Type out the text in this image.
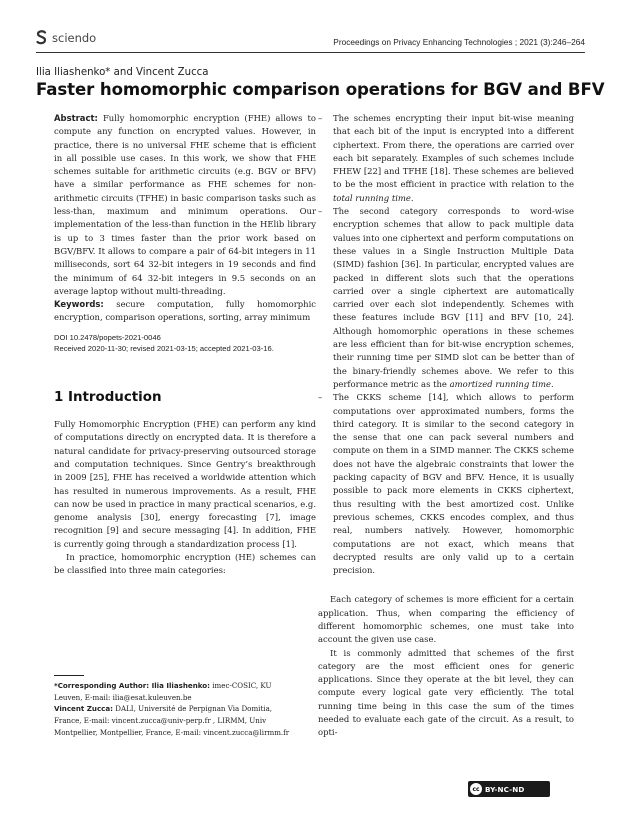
sciendo	Proceedings on Privacy Enhancing Technologies ; 2021 (3):246–264
Ilia Iliashenko* and Vincent Zucca
Faster homomorphic comparison operations for BGV and BFV

Abstract: Fully homomorphic encryption (FHE) allows to compute any function on encrypted values. However, in practice, there is no universal FHE scheme that is efficient in all possible use cases. In this work, we show that FHE schemes suitable for arithmetic circuits (e.g. BGV or BFV) have a similar performance as FHE schemes for non-arithmetic circuits (TFHE) in basic comparison tasks such as less-than, maximum and minimum operations. Our implementation of the less-than function in the HElib library is up to 3 times faster than the prior work based on BGV/BFV. It allows to compare a pair of 64-bit integers in 11 milliseconds, sort 64 32-bit integers in 19 seconds and find the minimum of 64 32-bit integers in 9.5 seconds on an average laptop without multi-threading.

Keywords: secure computation, fully homomorphic encryption, comparison operations, sorting, array minimum

DOI 10.2478/popets-2021-0046
Received 2020-11-30; revised 2021-03-15; accepted 2021-03-16.
1 Introduction

Fully Homomorphic Encryption (FHE) can perform any kind of computations directly on encrypted data. It is therefore a natural candidate for privacy-preserving outsourced storage and computation techniques. Since Gentry’s breakthrough in 2009 [25], FHE has received a worldwide attention which has resulted in numerous improvements. As a result, FHE can now be used in practice in many practical scenarios, e.g. genome analysis [30], energy forecasting [7], image recognition [9] and secure messaging [4]. In addition, FHE is currently going through a standardization process [1].

In practice, homomorphic encryption (HE) schemes can be classified into three main categories:

*Corresponding Author: Ilia Iliashenko: imec-COSIC, KU Leuven, E-mail: ilia@esat.kuleuven.be
Vincent Zucca: DALI, Université de Perpignan Via Domitia, France, E-mail: vincent.zucca@univ-perp.fr , LIRMM, Univ Montpellier, Montpellier, France, E-mail: vincent.zucca@lirmm.fr
–	The schemes encrypting their input bit-wise meaning that each bit of the input is encrypted into a different ciphertext. From there, the operations are carried over each bit separately. Examples of such schemes include FHEW [22] and TFHE [18]. These schemes are believed to be the most efficient in practice with relation to the total running time.
–	The second category corresponds to word-wise encryption schemes that allow to pack multiple data values into one ciphertext and perform computations on these values in a Single Instruction Multiple Data (SIMD) fashion [36]. In particular, encrypted values are packed in different slots such that the operations carried over a single ciphertext are automatically carried over each slot independently. Schemes with these features include BGV [11] and BFV [10, 24]. Although homomorphic operations in these schemes are less efficient than for bit-wise encryption schemes, their running time per SIMD slot can be better than of the binary-friendly schemes above. We refer to this performance metric as the amortized running time.
–	The CKKS scheme [14], which allows to perform computations over approximated numbers, forms the third category. It is similar to the second category in the sense that one can pack several numbers and compute on them in a SIMD manner. The CKKS scheme does not have the algebraic constraints that lower the packing capacity of BGV and BFV. Hence, it is usually possible to pack more elements in CKKS ciphertext, thus resulting with the best amortized cost. Unlike previous schemes, CKKS encodes complex, and thus real, numbers natively. However, homomorphic computations are not exact, which means that decrypted results are only valid up to a certain precision.

Each category of schemes is more efficient for a certain application. Thus, when comparing the efficiency of different homomorphic schemes, one must take into account the given use case.

It is commonly admitted that schemes of the first category are the most efficient ones for generic applications. Since they operate at the bit level, they can compute every logical gate very efficiently. The total running time being in this case the sum of the times needed to evaluate each gate of the circuit. As a result, to opti-

cc BY-NC-ND
